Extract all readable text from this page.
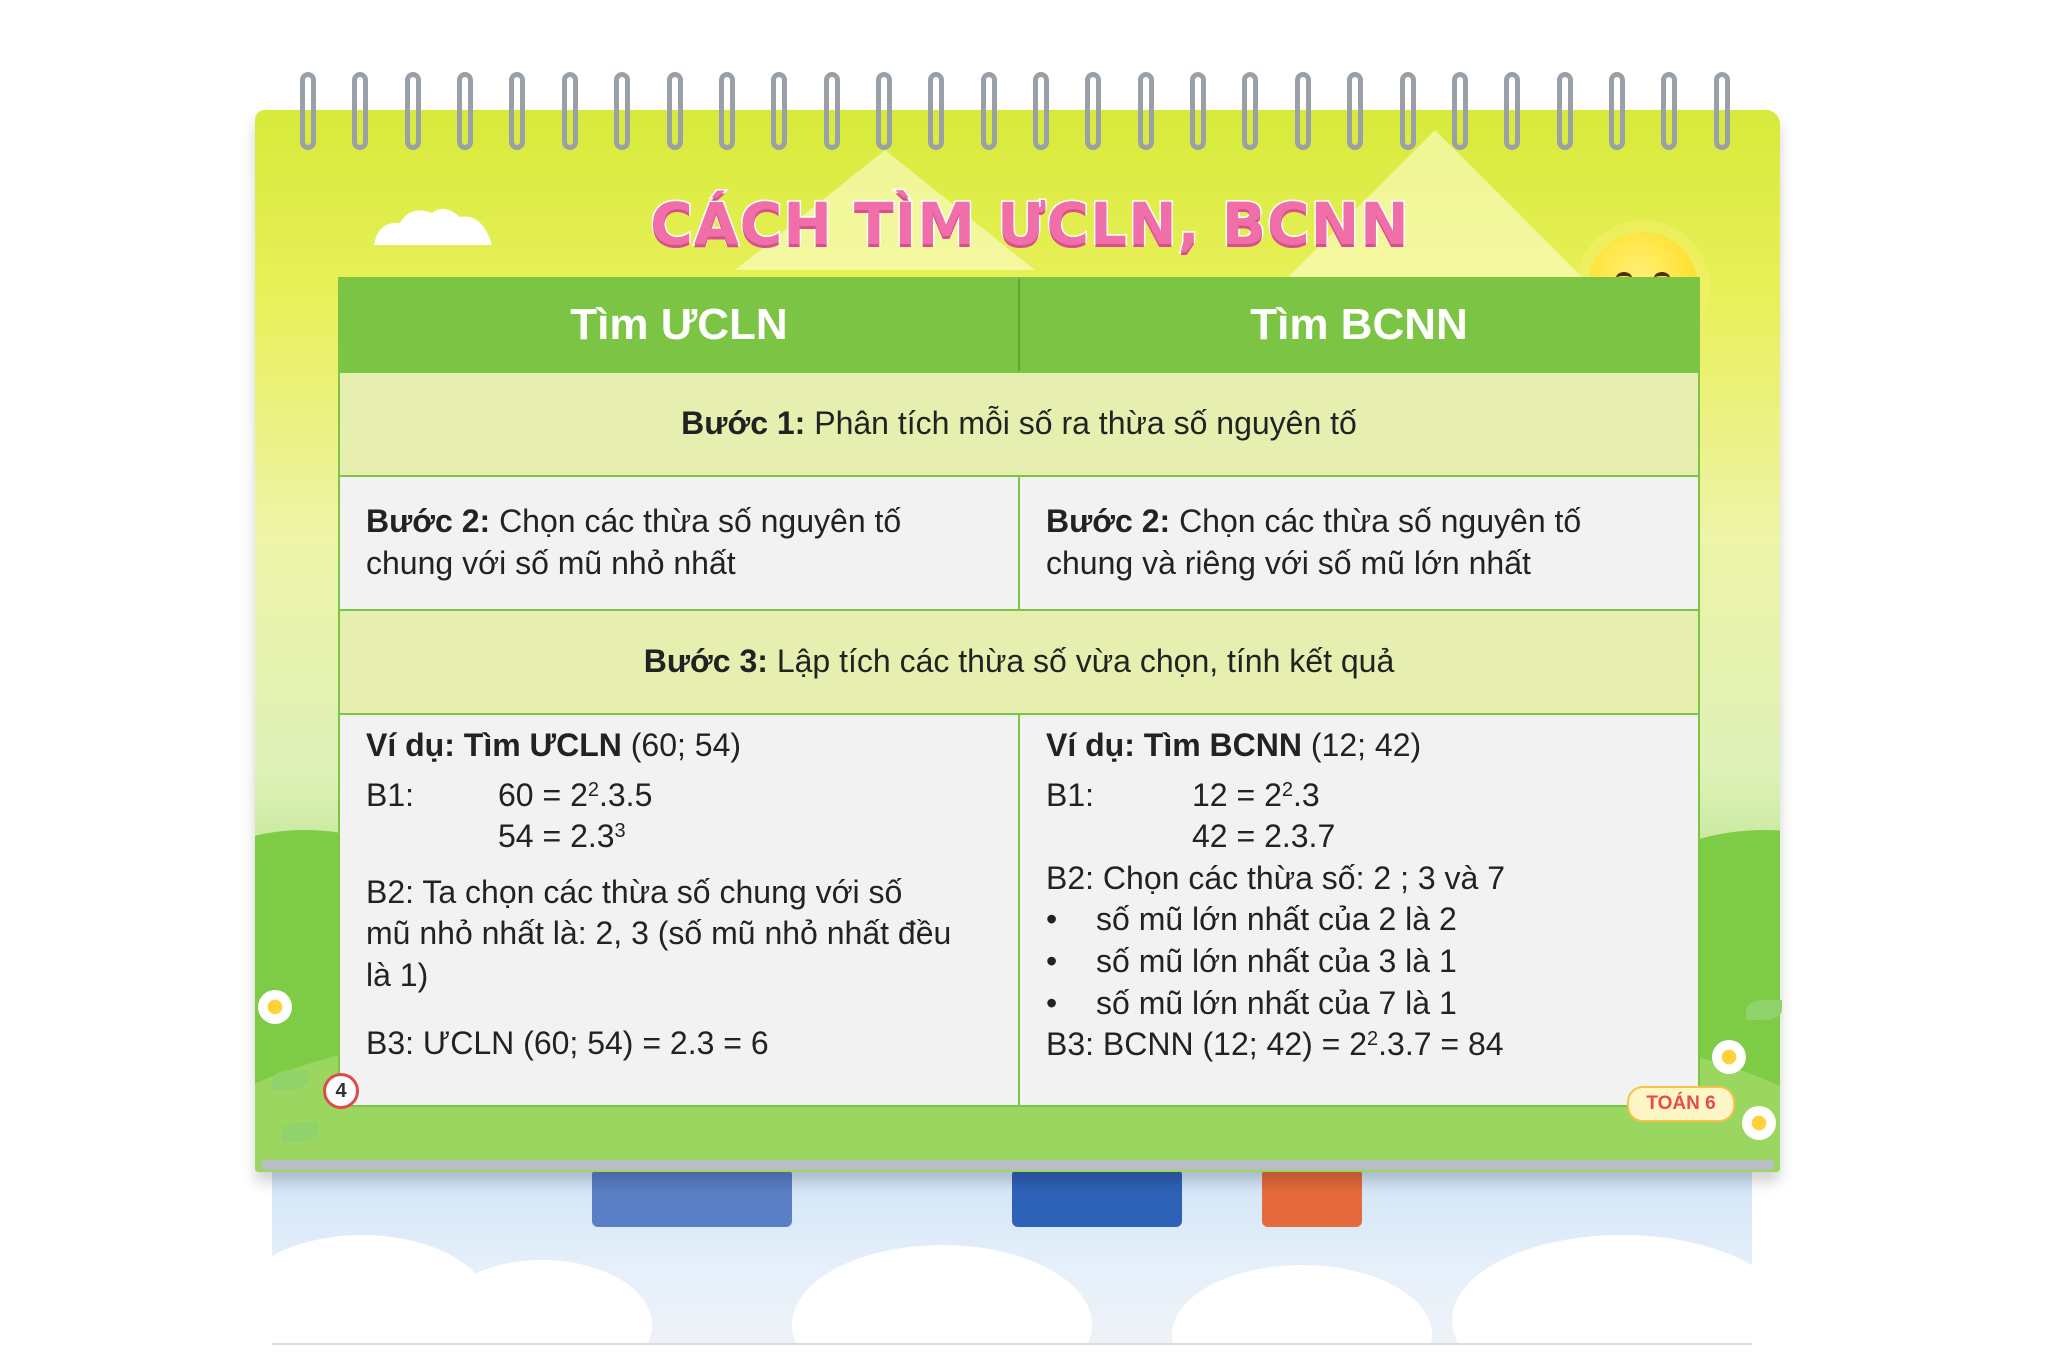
CÁCH TÌM ƯCLN, BCNN
Tìm ƯCLN	Tìm BCNN
Bước 1: Phân tích mỗi số ra thừa số nguyên tố
Bước 2: Chọn các thừa số nguyên tố
chung với số mũ nhỏ nhất
Bước 2: Chọn các thừa số nguyên tố
chung và riêng với số mũ lớn nhất
Bước 3: Lập tích các thừa số vừa chọn, tính kết quả
Ví dụ: Tìm ƯCLN (60; 54)
B1:	$60 = 2^2.3.5$
$54 = 2.3^3$
B2: Ta chọn các thừa số chung với số
mũ nhỏ nhất là: 2, 3 (số mũ nhỏ nhất đều
là 1)
B3: ƯCLN (60; 54) = 2.3 = 6
Ví dụ: Tìm BCNN (12; 42)
B1:	$12 = 2^2.3$
42 = 2.3.7
B2: Chọn các thừa số: 2 ; 3 và 7
• số mũ lớn nhất của 2 là 2
• số mũ lớn nhất của 3 là 1
• số mũ lớn nhất của 7 là 1
B3: BCNN (12; $42) = 2^2.3.7 = 84$
4
TOÁN 6
